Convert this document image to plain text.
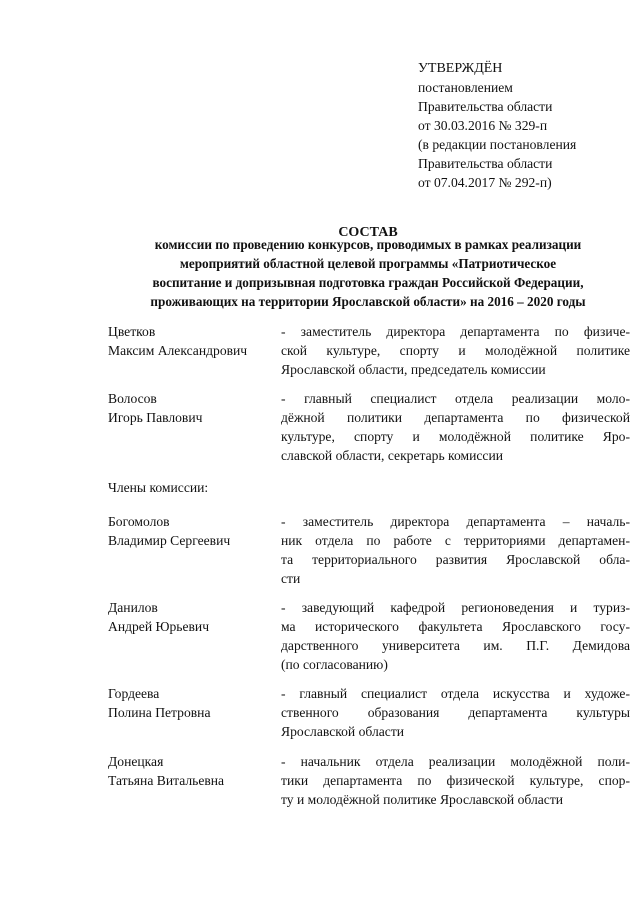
УТВЕРЖДЁН
постановлением
Правительства области
от 30.03.2016 № 329-п
(в редакции постановления
Правительства области
от 07.04.2017 № 292-п)
СОСТАВ
комиссии по проведению конкурсов, проводимых в рамках реализации
мероприятий областной целевой программы «Патриотическое
воспитание и допризывная подготовка граждан Российской Федерации,
проживающих на территории Ярославской области» на 2016 – 2020 годы
Цветков
Максим Александрович
- заместитель директора департамента по физиче-
ской культуре, спорту и молодёжной политике
Ярославской области, председатель комиссии
Волосов
Игорь Павлович
- главный специалист отдела реализации моло-
дёжной политики департамента по физической
культуре, спорту и молодёжной политике Яро-
славской области, секретарь комиссии
Члены комиссии:
Богомолов
Владимир Сергеевич
- заместитель директора департамента – началь-
ник отдела по работе с территориями департамен-
та территориального развития Ярославской обла-
сти
Данилов
Андрей Юрьевич
- заведующий кафедрой регионоведения и туриз-
ма исторического факультета Ярославского госу-
дарственного университета им. П.Г. Демидова
(по согласованию)
Гордеева
Полина Петровна
- главный специалист отдела искусства и художе-
ственного образования департамента культуры
Ярославской области
Донецкая
Татьяна Витальевна
- начальник отдела реализации молодёжной поли-
тики департамента по физической культуре, спор-
ту и молодёжной политике Ярославской области
